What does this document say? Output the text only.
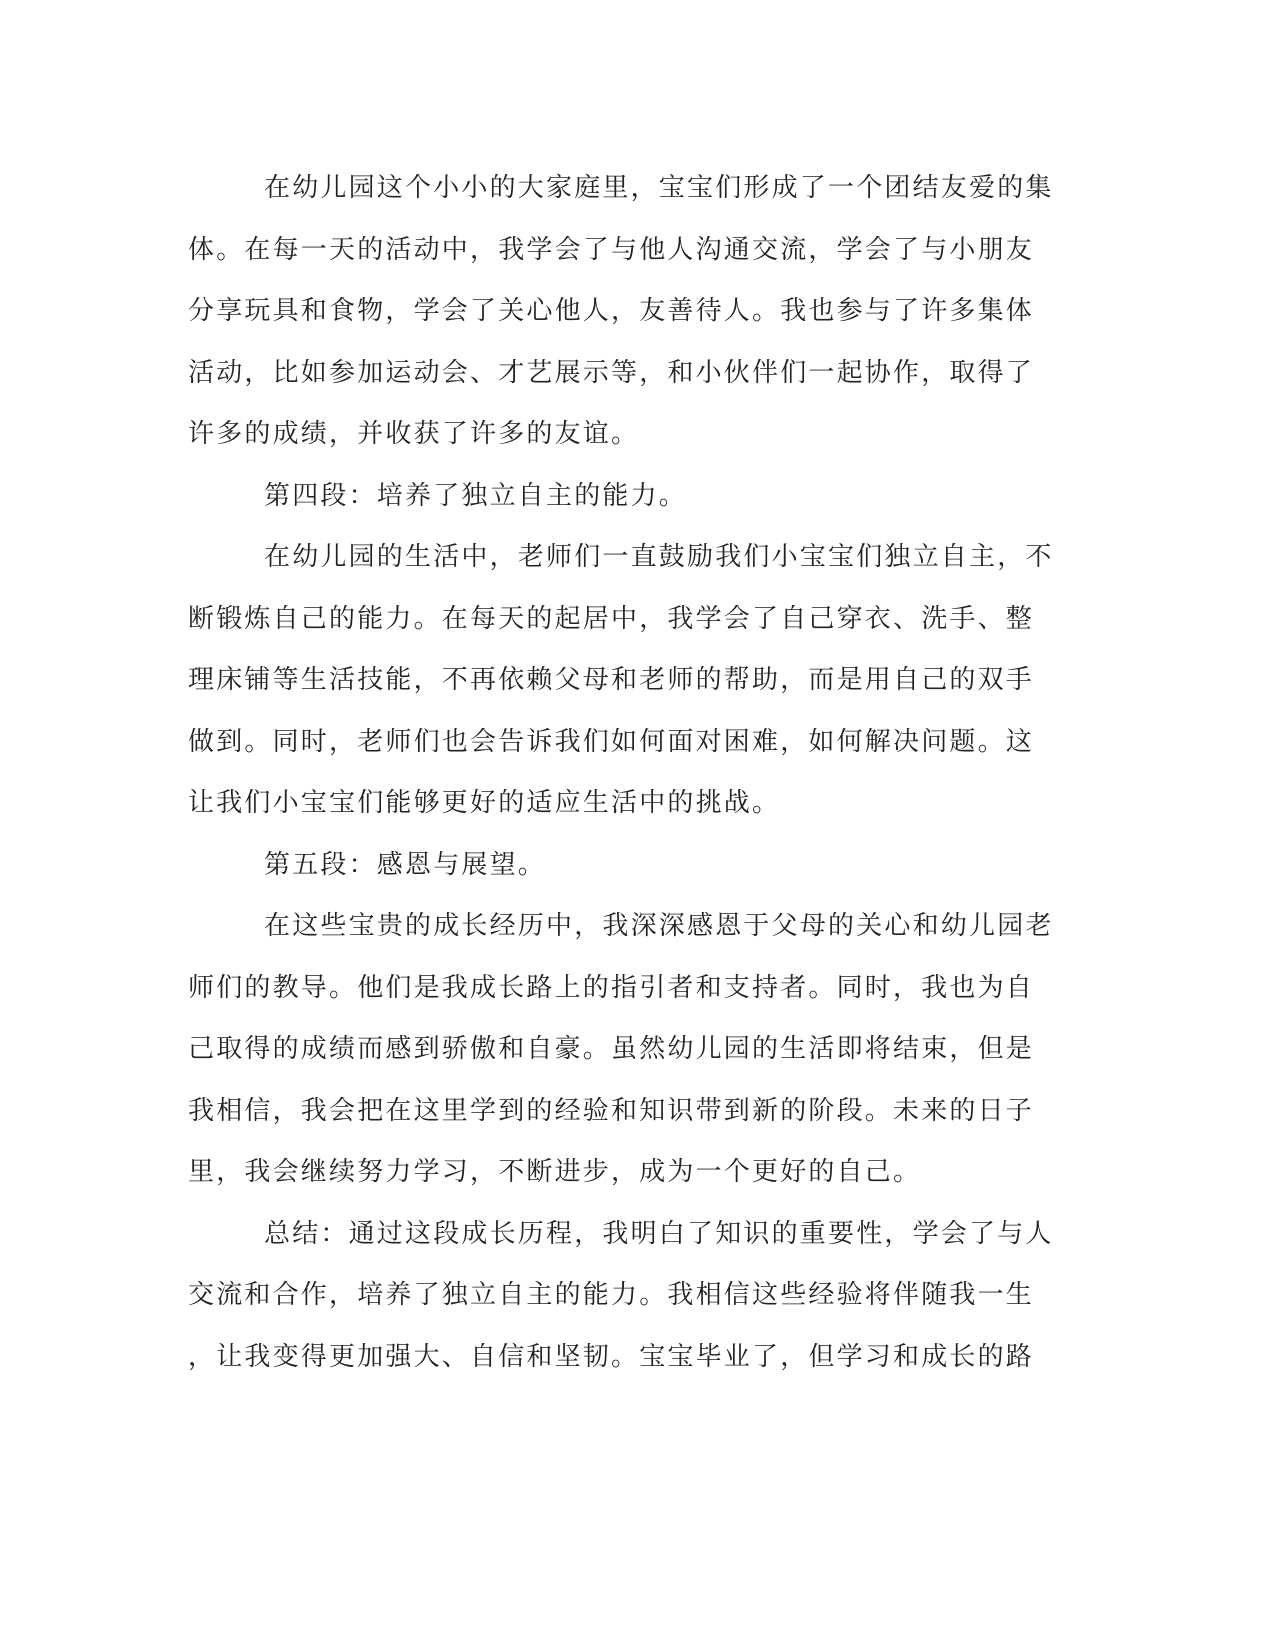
在幼儿园这个小小的大家庭里，宝宝们形成了一个团结友爱的集
体。在每一天的活动中，我学会了与他人沟通交流，学会了与小朋友
分享玩具和食物，学会了关心他人，友善待人。我也参与了许多集体
活动，比如参加运动会、才艺展示等，和小伙伴们一起协作，取得了
许多的成绩，并收获了许多的友谊。
第四段：培养了独立自主的能力。
在幼儿园的生活中，老师们一直鼓励我们小宝宝们独立自主，不
断锻炼自己的能力。在每天的起居中，我学会了自己穿衣、洗手、整
理床铺等生活技能，不再依赖父母和老师的帮助，而是用自己的双手
做到。同时，老师们也会告诉我们如何面对困难，如何解决问题。这
让我们小宝宝们能够更好的适应生活中的挑战。
第五段：感恩与展望。
在这些宝贵的成长经历中，我深深感恩于父母的关心和幼儿园老
师们的教导。他们是我成长路上的指引者和支持者。同时，我也为自
己取得的成绩而感到骄傲和自豪。虽然幼儿园的生活即将结束，但是
我相信，我会把在这里学到的经验和知识带到新的阶段。未来的日子
里，我会继续努力学习，不断进步，成为一个更好的自己。
总结：通过这段成长历程，我明白了知识的重要性，学会了与人
交流和合作，培养了独立自主的能力。我相信这些经验将伴随我一生
，让我变得更加强大、自信和坚韧。宝宝毕业了，但学习和成长的路
